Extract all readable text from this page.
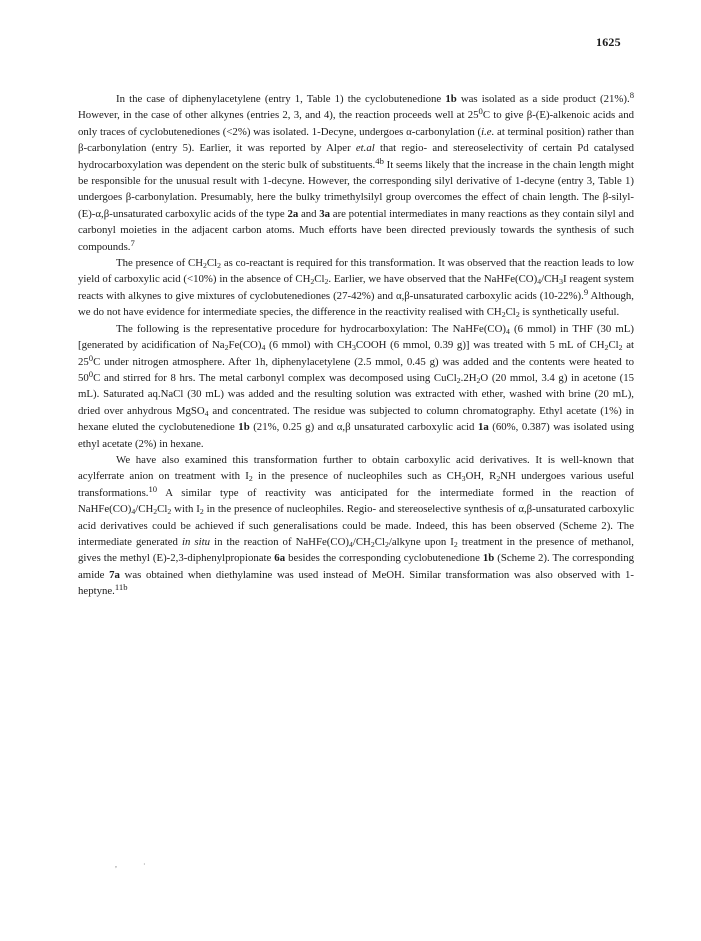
1625

In the case of diphenylacetylene (entry 1, Table 1) the cyclobutenedione 1b was isolated as a side product (21%).$^8$ However, in the case of other alkynes (entries 2, 3, and 4), the reaction proceeds well at $25^0C$ to give β-(E)-alkenoic acids and only traces of cyclobutenediones (<2%) was isolated. 1-Decyne, undergoes α-carbonylation (i.e. at terminal position) rather than β-carbonylation (entry 5). Earlier, it was reported by Alper et.al that regio- and stereoselectivity of certain Pd catalysed hydrocarboxylation was dependent on the steric bulk of substituents.$^{4b}$ It seems likely that the increase in the chain length might be responsible for the unusual result with 1-decyne. However, the corresponding silyl derivative of 1-decyne (entry 3, Table 1) undergoes β-carbonylation. Presumably, here the bulky trimethylsilyl group overcomes the effect of chain length. The β-silyl-(E)-α,β-unsaturated carboxylic acids of the type 2a and 3a are potential intermediates in many reactions as they contain silyl and carbonyl moieties in the adjacent carbon atoms. Much efforts have been directed previously towards the synthesis of such compounds.$^7$

The presence of $CH_2Cl_2$ as co-reactant is required for this transformation. It was observed that the reaction leads to low yield of carboxylic acid (<10%) in the absence of $CH_2Cl_2$. Earlier, we have observed that the $NaHFe(CO)_4/CH_3I$ reagent system reacts with alkynes to give mixtures of cyclobutenediones (27-42%) and α,β-unsaturated carboxylic acids (10-22%).$^9$ Although, we do not have evidence for intermediate species, the difference in the reactivity realised with $CH_2Cl_2$ is synthetically useful.

The following is the representative procedure for hydrocarboxylation: The $NaHFe(CO)_4$ (6 mmol) in THF (30 mL) [generated by acidification of $Na_2Fe(CO)_4$ (6 mmol) with $CH_3COOH$ (6 mmol, 0.39 g)] was treated with 5 mL of $CH_2Cl_2$ at $25^0C$ under nitrogen atmosphere. After 1h, diphenylacetylene (2.5 mmol, 0.45 g) was added and the contents were heated to $50^0C$ and stirred for 8 hrs. The metal carbonyl complex was decomposed using $CuCl_2.2H_2O$ (20 mmol, 3.4 g) in acetone (15 mL). Saturated aq.NaCl (30 mL) was added and the resulting solution was extracted with ether, washed with brine (20 mL), dried over anhydrous MgSO$_4$ and concentrated. The residue was subjected to column chromatography. Ethyl acetate (1%) in hexane eluted the cyclobutenedione 1b (21%, 0.25 g) and α,β unsaturated carboxylic acid 1a (60%, 0.387) was isolated using ethyl acetate (2%) in hexane.

We have also examined this transformation further to obtain carboxylic acid derivatives. It is well-known that acylferrate anion on treatment with $I_2$ in the presence of nucleophiles such as $CH_3OH$, $R_2NH$ undergoes various useful transformations.$^{10}$ A similar type of reactivity was anticipated for the intermediate formed in the reaction of $NaHFe(CO)_4/CH_2Cl_2$ with $I_2$ in the presence of nucleophiles. Regio- and stereoselective synthesis of α,β-unsaturated carboxylic acid derivatives could be achieved if such generalisations could be made. Indeed, this has been observed (Scheme 2). The intermediate generated in situ in the reaction of $NaHFe(CO)_4/CH_2Cl_2$/alkyne upon $I_2$ treatment in the presence of methanol, gives the methyl (E)-2,3-diphenylpropionate 6a besides the corresponding cyclobutenedione 1b (Scheme 2). The corresponding amide 7a was obtained when diethylamine was used instead of MeOH. Similar transformation was also observed with 1-heptyne.$^{11b}$

,             ·
